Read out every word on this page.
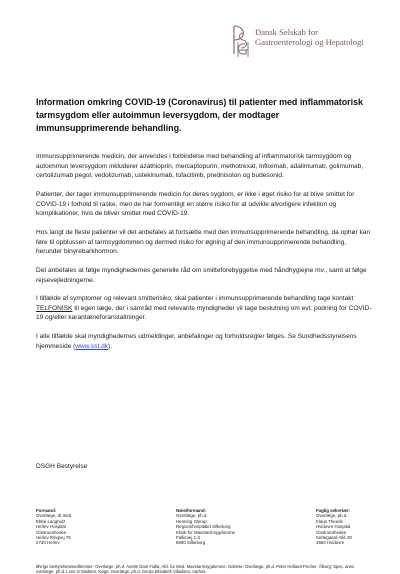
Dansk Selskab for
Gastroenterologi og Hepatologi
Information omkring COVID-19 (Coronavirus) til patienter med inflammatorisk tarmsygdom eller autoimmun leversygdom, der modtager immunsupprimerende behandling.

Immunsupprimerende medicin, der anvendes i forbindelse med behandling af inflammatorisk tarmsygdom og autoimmun leversygdom inkluderer azathioprin, mercaptopurin, methotrexat, infliximab, adalimumab, golimumab, certolizumab pegol, vedolizumab, ustekinumab, tofacitinib, prednisolon og budesonid.

Patienter, der tager immunsupprimerende medicin for deres sygdom, er ikke i øget risiko for at blive smittet for COVID-19 i forhold til raske, men de har formentligt en større risiko for at udvikle alvorligere infektion og komplikationer, hvis de bliver smittet med COVID-19.

Hos langt de fleste patienter vil det anbefales at fortsætte med den immunsupprimerende behandling, da ophør kan føre til opblussen af tarmsygdommen og dermed risiko for øgning af den immunsupprimerende behandling, herunder binyrebarkhormon.

Det anbefales at følge myndighedernes generelle råd om smitteforebyggelse med håndhygiejne mv., samt at følge rejsevejledningerne.

I tilfælde af symptomer og relevant smitterisiko, skal patienter i immunsupprimerende behandling tage kontakt TELFONISK til egen læge, der i samråd med relevante myndigheder vil tage beslutning om evt. podning for COVID-19 og/eller karantæneforanstaltninger.

I alle tilfælde skal myndighedernes udmeldinger, anbefalinger og forholdsregler følges. Se Sundhedsstyrelsens hjemmeside (www.sst.dk).

DSGH Bestyrelse
Formand:
Overlæge, dr.med.
Ebbe Langholz
Herlev Hospital
Gastroenheden
Herlev Ringvej 75
2730 Herlev
Næstformand:
Overlæge, ph.d.
Henning Glerup
Regionshospitalet Silkeborg
Klinik for Mavetarmsygdomme
Falkevej 1-3
8600 Silkeborg
Faglig sekretær:
Overlæge, ph.d.
Klaus Theede
Hvidovre Hospital
Gastroenheden
Kettegaard Allé 30
2650 Hvidovre
Øvrige bestyrelsesmedlemmer: Overlæge, ph.d. Anette Dam Fialla, Afd. for Med. Mavetarmsygdomme, Odense; Overlæge, ph.d. Peter Holland-Fischer, Ålborg; Spec. ansv. overlæge, ph.d. Lone G Madsen, Køge; Overlæge, ph.d. Gerda Elisabeth Villadsen, Aarhus.
